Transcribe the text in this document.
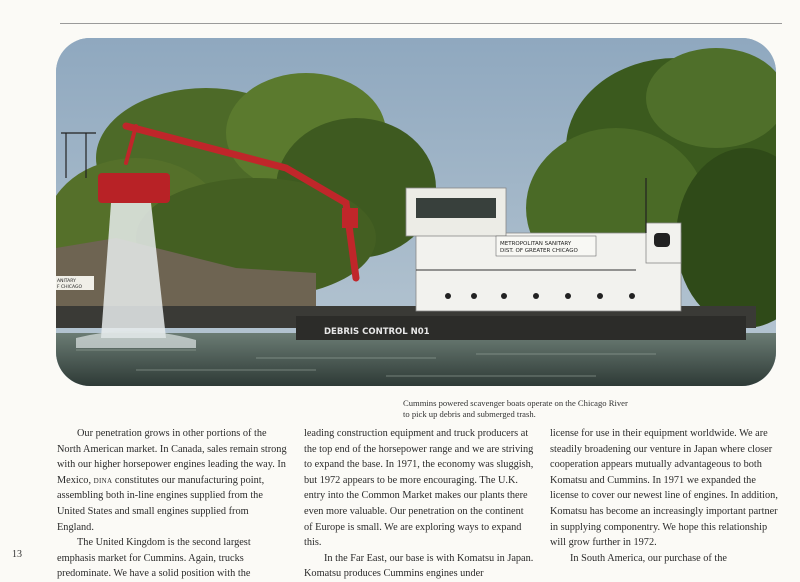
DEBRIS CONTROL N01
METROPOLITAN SANITARY
DIST. OF GREATER CHICAGO
ANITARY
F CHICAGO
Cummins powered scavenger boats operate on the Chicago River
to pick up debris and submerged trash.

Our penetration grows in other portions of the North American market. In Canada, sales remain strong with our higher horsepower engines leading the way. In Mexico, dina constitutes our manufacturing point, assembling both in-line engines supplied from the United States and small engines supplied from England.

The United Kingdom is the second largest emphasis market for Cummins. Again, trucks predominate. We have a solid position with the

leading construction equipment and truck producers at the top end of the horsepower range and we are striving to expand the base. In 1971, the economy was sluggish, but 1972 appears to be more encouraging. The U.K. entry into the Common Market makes our plants there even more valuable. Our penetration on the continent of Europe is small. We are exploring ways to expand this.

In the Far East, our base is with Komatsu in Japan. Komatsu produces Cummins engines under

license for use in their equipment worldwide. We are steadily broadening our venture in Japan where closer cooperation appears mutually advantageous to both Komatsu and Cummins. In 1971 we expanded the license to cover our newest line of engines. In addition, Komatsu has become an increasingly important partner in supplying componentry. We hope this relationship will grow further in 1972.

In South America, our purchase of the

13
